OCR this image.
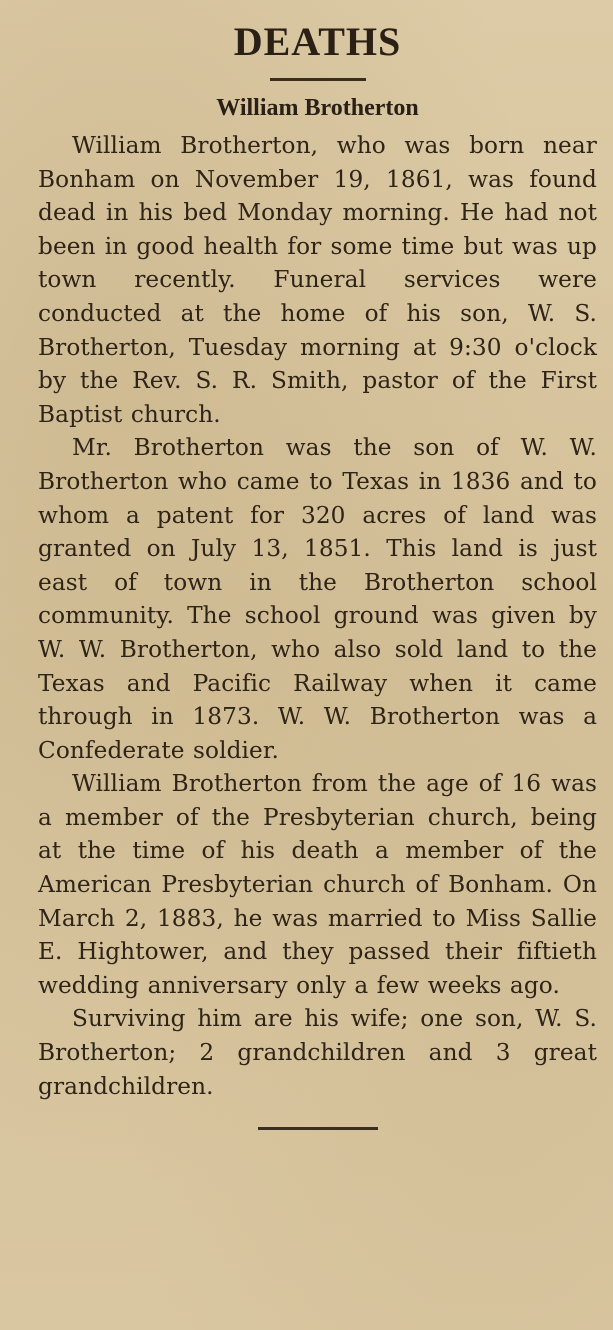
DEATHS
William Brotherton

William Brotherton, who was born near Bonham on November 19, 1861, was found dead in his bed Monday morning. He had not been in good health for some time but was up town recently. Funeral services were conducted at the home of his son, W. S. Brotherton, Tuesday morning at 9:30 o'clock by the Rev. S. R. Smith, pastor of the First Baptist church.

Mr. Brotherton was the son of W. W. Brotherton who came to Texas in 1836 and to whom a patent for 320 acres of land was granted on July 13, 1851. This land is just east of town in the Brotherton school community. The school ground was given by W. W. Brotherton, who also sold land to the Texas and Pacific Railway when it came through in 1873. W. W. Brotherton was a Confederate soldier.

William Brotherton from the age of 16 was a member of the Presbyterian church, being at the time of his death a member of the American Presbyterian church of Bonham. On March 2, 1883, he was married to Miss Sallie E. Hightower, and they passed their fiftieth wedding anniversary only a few weeks ago.

Surviving him are his wife; one son, W. S. Brotherton; 2 grandchildren and 3 great grandchildren.
